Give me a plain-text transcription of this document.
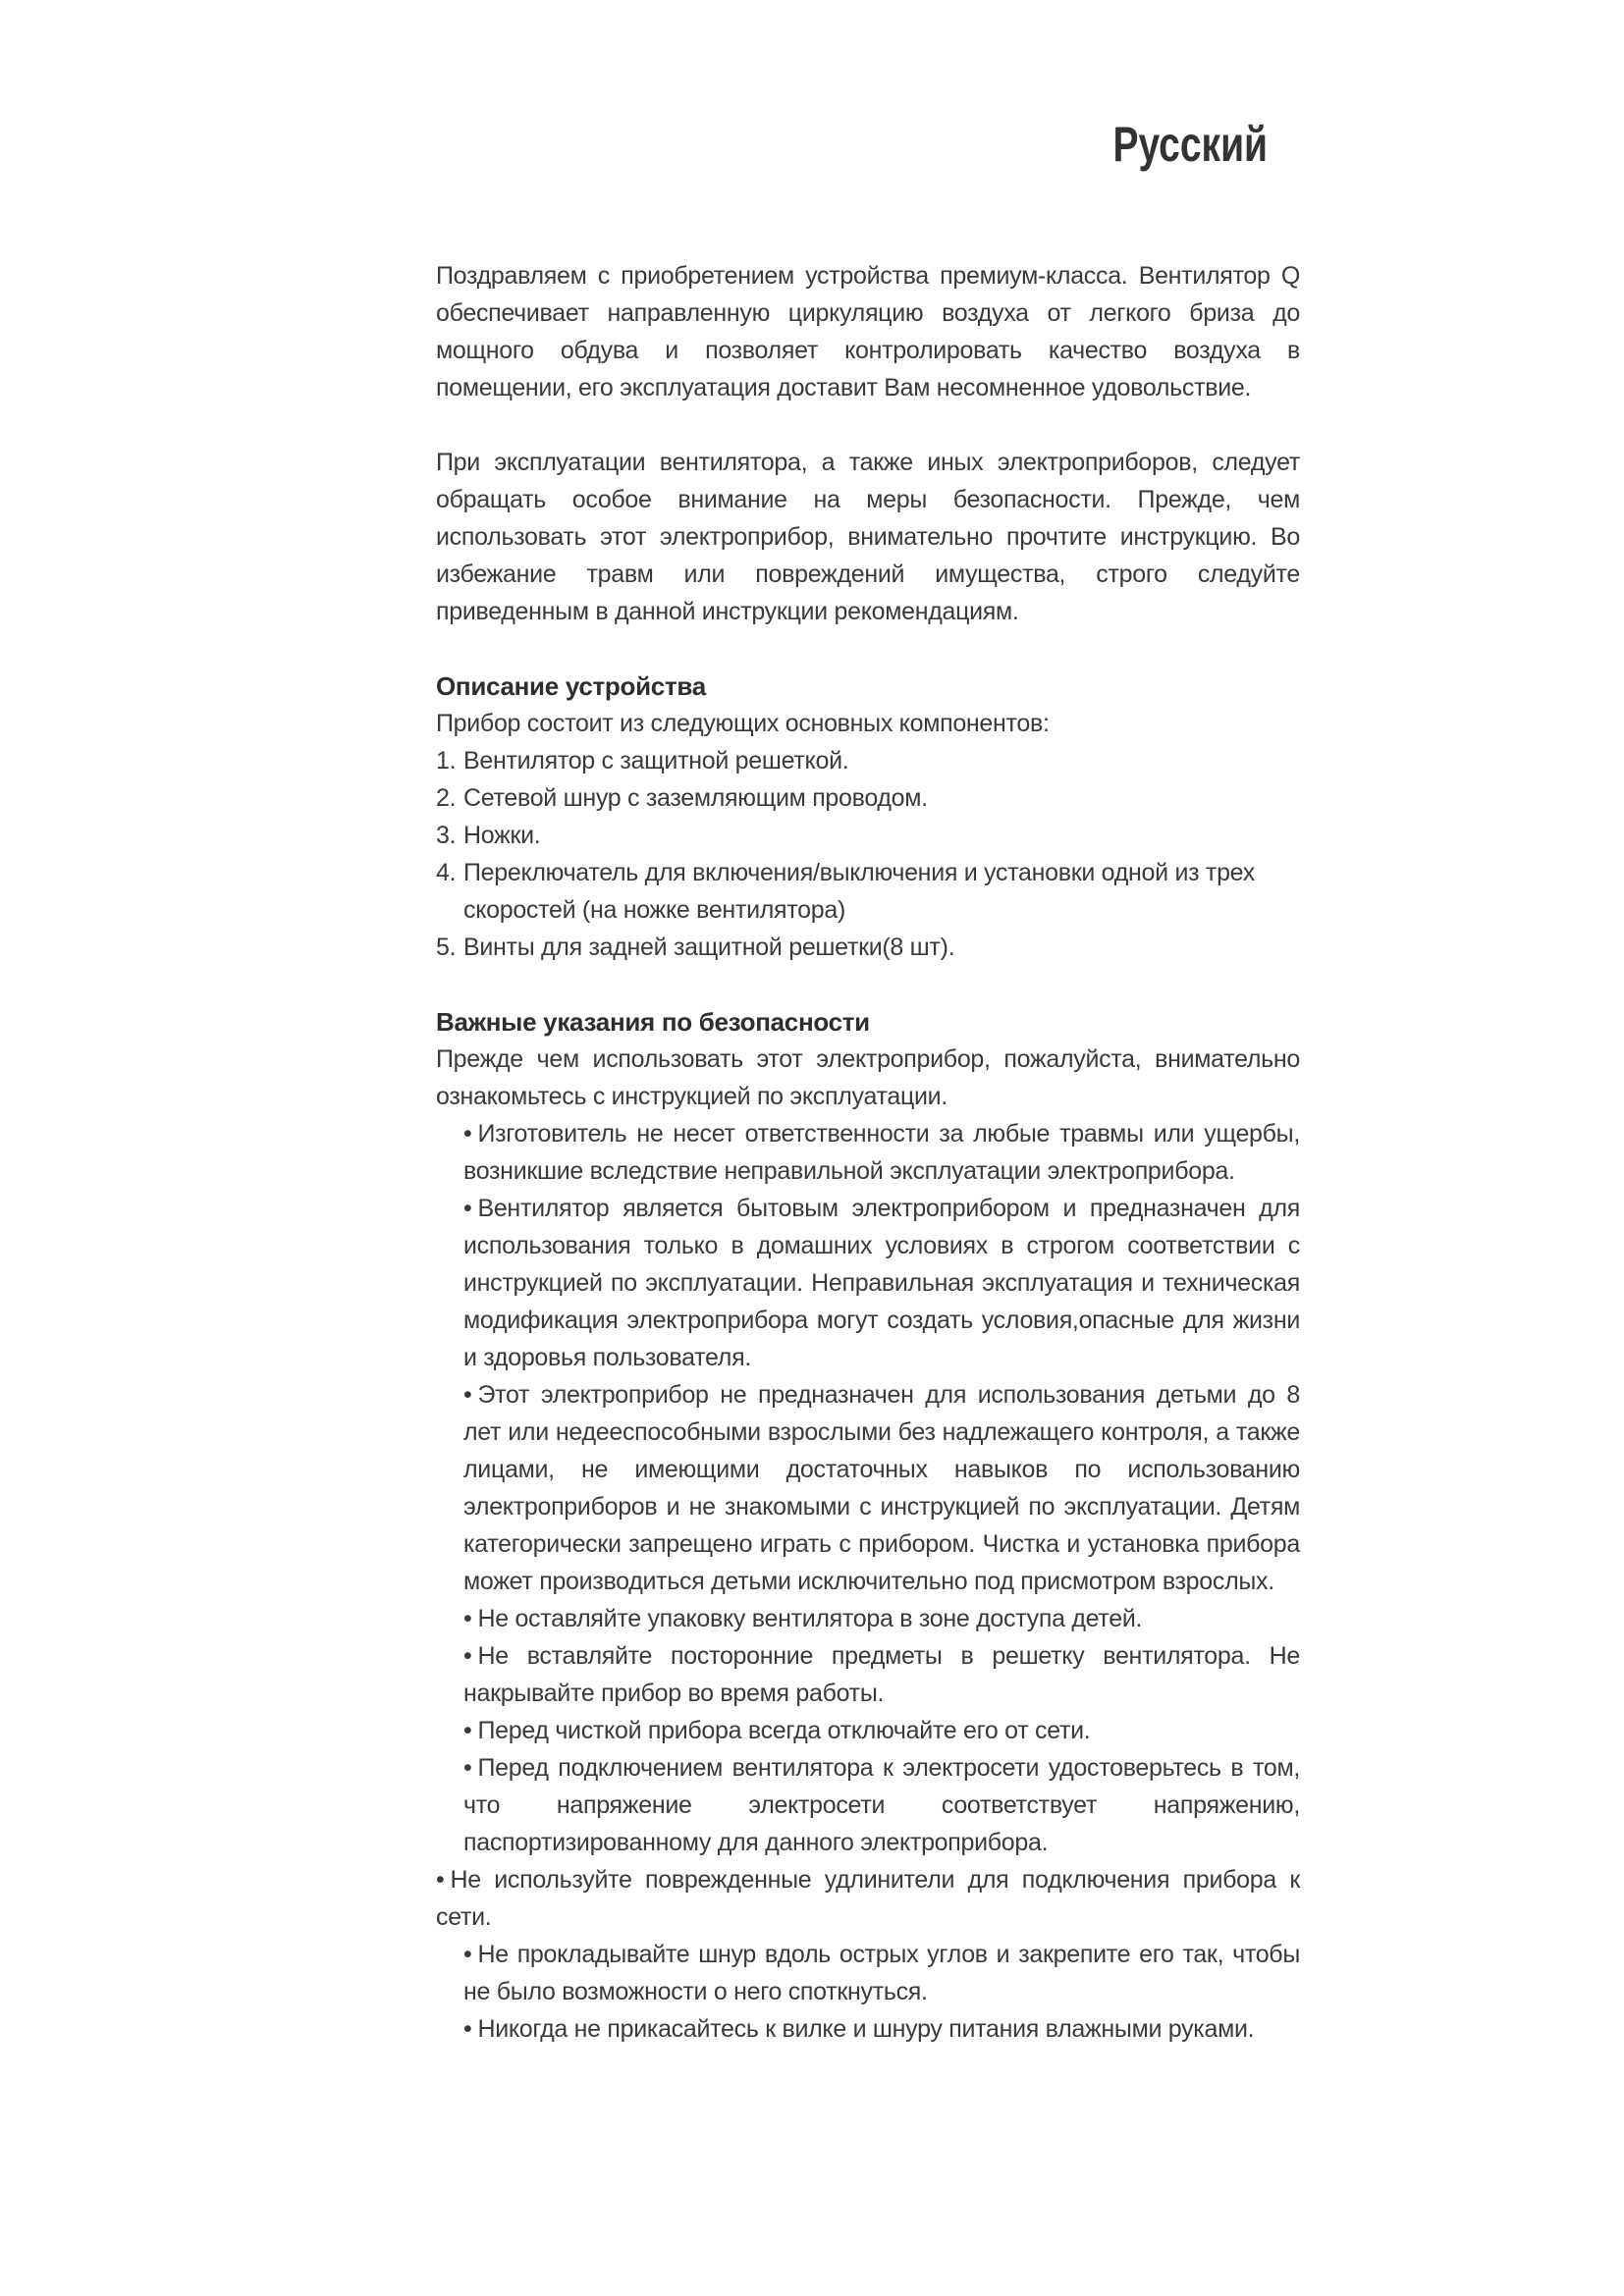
Русский

Поздравляем с приобретением устройства премиум-класса. Вентилятор Q обеспечивает направленную циркуляцию воздуха от легкого бриза до мощного обдува и позволяет контролировать качество воздуха в помещении, его эксплуатация доставит Вам несомненное удовольствие.

При эксплуатации вентилятора, а также иных электроприборов, следует обращать особое внимание на меры безопасности. Прежде, чем использовать этот электроприбор, внимательно прочтите инструкцию. Во избежание травм или повреждений имущества, строго следуйте приведенным в данной инструкции рекомендациям.

Описание устройства

Прибор состоит из следующих основных компонентов:

1. Вентилятор с защитной решеткой.
2. Сетевой шнур с заземляющим проводом.
3. Ножки.
4. Переключатель для включения/выключения и установки одной из трех скоростей (на ножке вентилятора)
5. Винты для задней защитной решетки(8 шт).
Важные указания по безопасности

Прежде чем использовать этот электроприбор, пожалуйста, внимательно ознакомьтесь с инструкцией по эксплуатации.

• Изготовитель не несет ответственности за любые травмы или ущербы, возникшие вследствие неправильной эксплуатации электроприбора.
• Вентилятор является бытовым электроприбором и предназначен для использования только в домашних условиях в строгом соответствии с инструкцией по эксплуатации. Неправильная эксплуатация и техническая модификация электроприбора могут создать условия,опасные для жизни и здоровья пользователя.
• Этот электроприбор не предназначен для использования детьми до 8 лет или недееспособными взрослыми без надлежащего контроля, а также лицами, не имеющими достаточных навыков по использованию электроприборов и не знакомыми с инструкцией по эксплуатации. Детям категорически запрещено играть с прибором. Чистка и установка прибора может производиться детьми исключительно под присмотром взрослых.
• Не оставляйте упаковку вентилятора в зоне доступа детей.
• Не вставляйте посторонние предметы в решетку вентилятора. Не накрывайте прибор во время работы.
• Перед чисткой прибора всегда отключайте его от сети.
• Перед подключением вентилятора к электросети удостоверьтесь в том, что напряжение электросети соответствует напряжению, паспортизированному для данного электроприбора.
• Не используйте поврежденные удлинители для подключения прибора к сети.
• Не прокладывайте шнур вдоль острых углов и закрепите его так, чтобы не было возможности о него споткнуться.
• Никогда не прикасайтесь к вилке и шнуру питания влажными руками.
